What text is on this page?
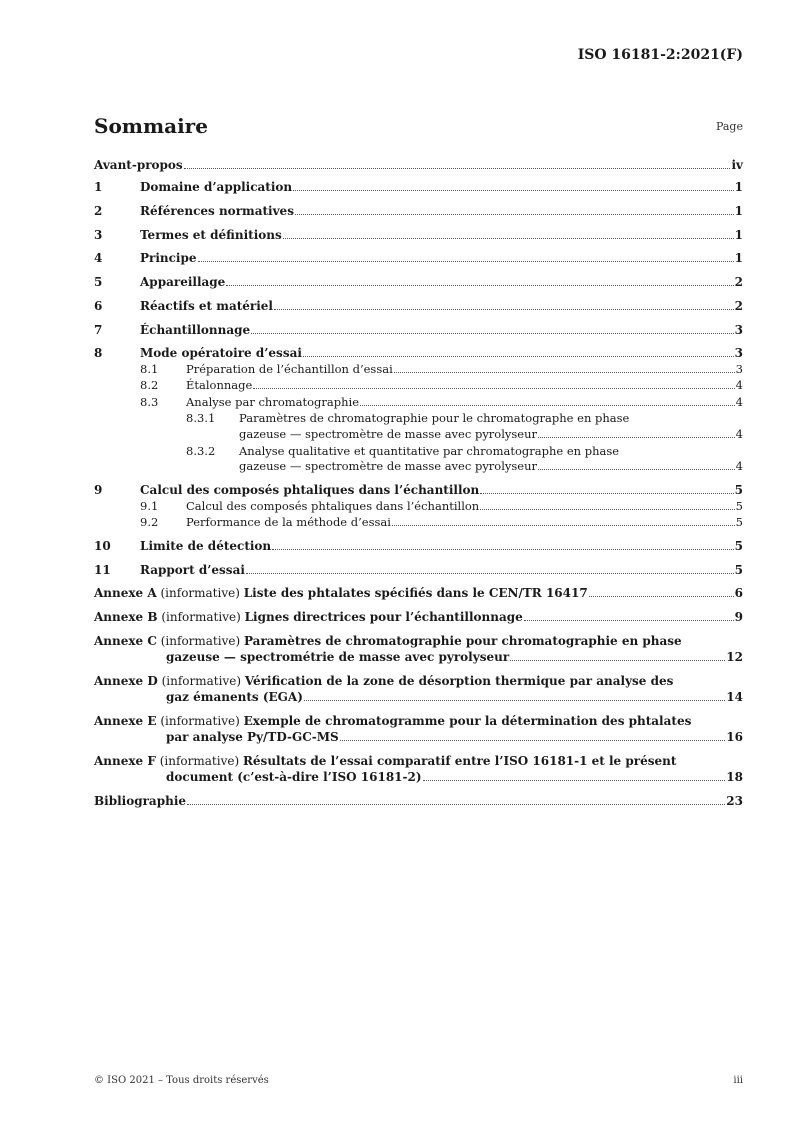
ISO 16181-2:2021(F)
Sommaire	Page
Avant-propos	iv
1	Domaine d’application	1
2	Références normatives	1
3	Termes et définitions	1
4	Principe	1
5	Appareillage	2
6	Réactifs et matériel	2
7	Échantillonnage	3
8	Mode opératoire d’essai	3
8.1 Préparation de l’échantillon d’essai	3
8.2 Étalonnage	4
8.3 Analyse par chromatographie	4
8.3.1 Paramètres de chromatographie pour le chromatographe en phase
gazeuse — spectromètre de masse avec pyrolyseur	4
8.3.2 Analyse qualitative et quantitative par chromatographe en phase
gazeuse — spectromètre de masse avec pyrolyseur	4
9	Calcul des composés phtaliques dans l’échantillon	5
9.1 Calcul des composés phtaliques dans l’échantillon	5
9.2 Performance de la méthode d’essai	5
10 Limite de détection	5
11 Rapport d’essai	5
Annexe A (informative) Liste des phtalates spécifiés dans le CEN/TR 16417	6
Annexe B (informative) Lignes directrices pour l’échantillonnage	9
Annexe C (informative) Paramètres de chromatographie pour chromatographie en phase
gazeuse — spectrométrie de masse avec pyrolyseur	12
Annexe D (informative) Vérification de la zone de désorption thermique par analyse des
gaz émanents (EGA)	14
Annexe E (informative) Exemple de chromatogramme pour la détermination des phtalates
par analyse Py/TD-GC-MS	16
Annexe F (informative) Résultats de l’essai comparatif entre l’ISO 16181-1 et le présent
document (c’est-à-dire l’ISO 16181-2)	18
Bibliographie	23
© ISO 2021 – Tous droits réservés	iii
